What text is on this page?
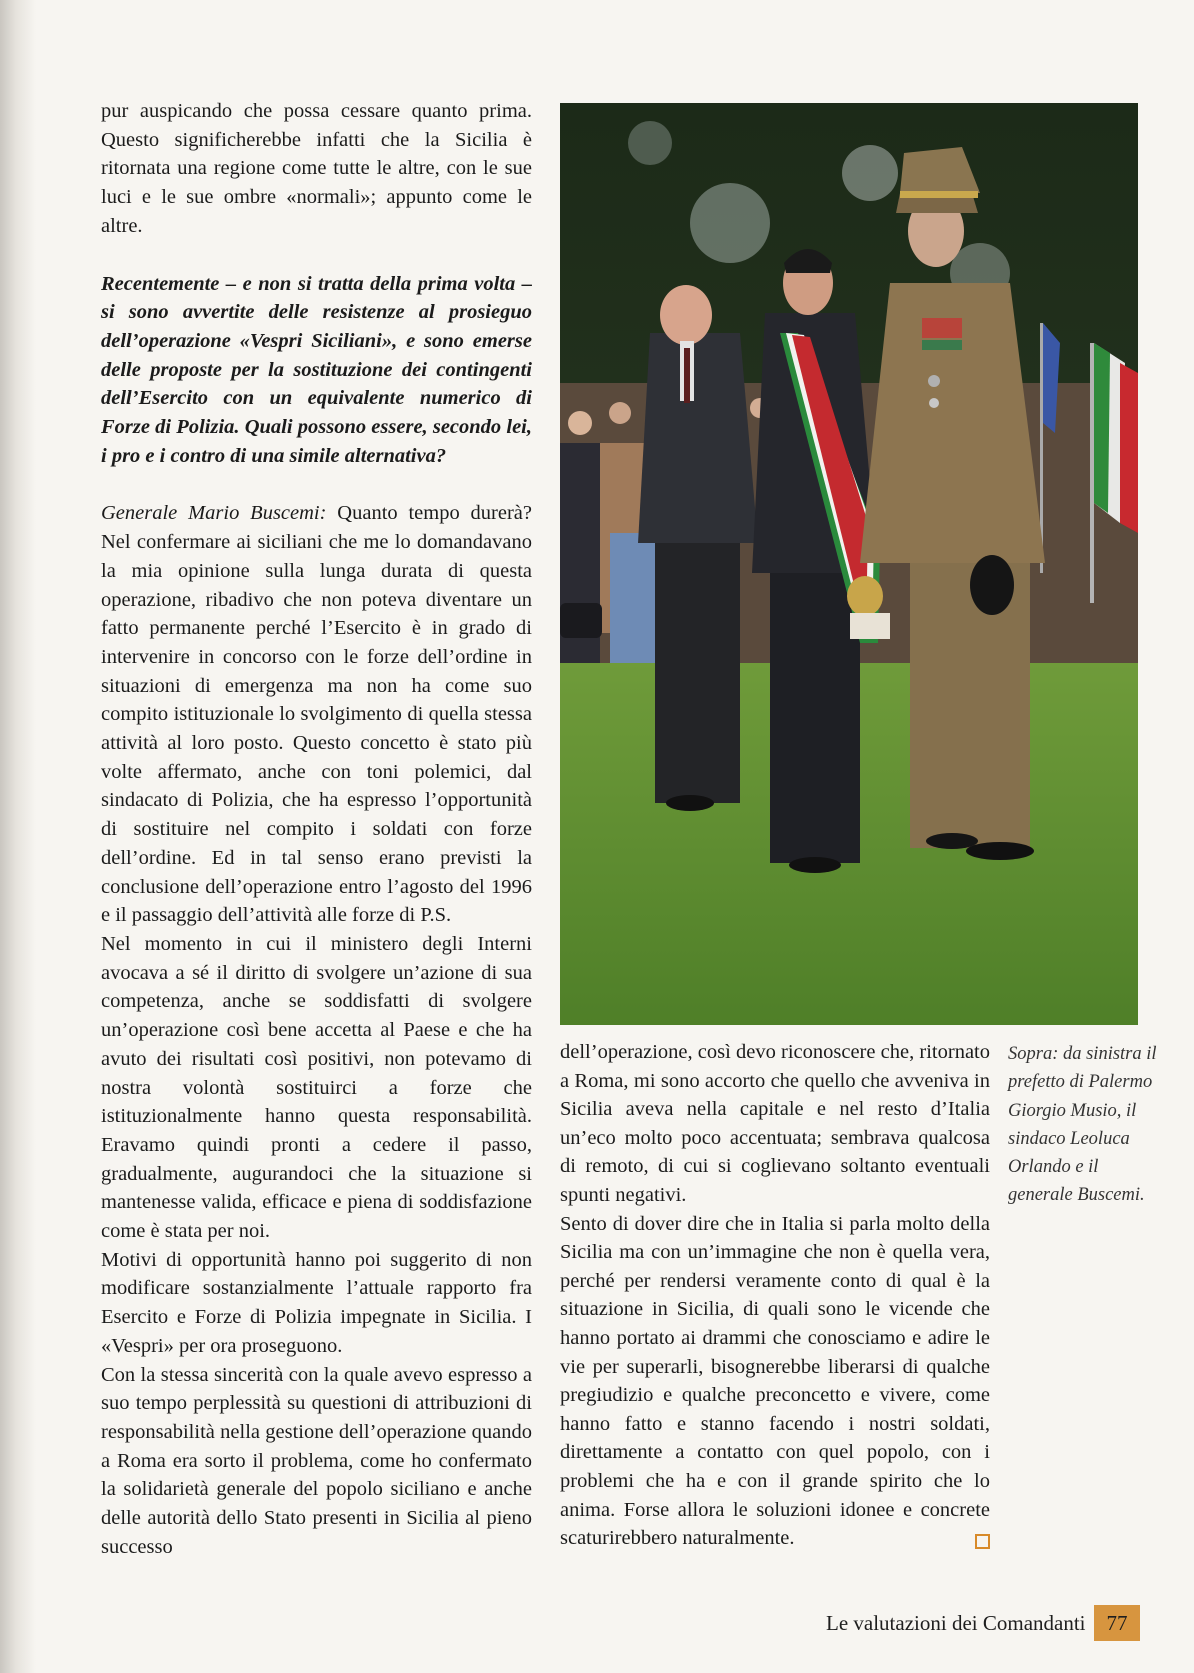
pur auspicando che possa cessare quanto prima. Questo significherebbe infatti che la Sicilia è ritornata una regione come tutte le altre, con le sue luci e le sue ombre «normali»; appunto come le altre.

Recentemente – e non si tratta della prima volta – si sono avvertite delle resistenze al prosieguo dell’operazione «Vespri Siciliani», e sono emerse delle proposte per la sostituzione dei contingenti dell’Esercito con un equivalente numerico di Forze di Polizia. Quali possono essere, secondo lei, i pro e i contro di una simile alternativa?

Generale Mario Buscemi: Quanto tempo durerà? Nel confermare ai siciliani che me lo domandavano la mia opinione sulla lunga durata di questa operazione, ribadivo che non poteva diventare un fatto permanente perché l’Esercito è in grado di intervenire in concorso con le forze dell’ordine in situazioni di emergenza ma non ha come suo compito istituzionale lo svolgimento di quella stessa attività al loro posto. Questo concetto è stato più volte affermato, anche con toni polemici, dal sindacato di Polizia, che ha espresso l’opportunità di sostituire nel compito i soldati con forze dell’ordine. Ed in tal senso erano previsti la conclusione dell’operazione entro l’agosto del 1996 e il passaggio dell’attività alle forze di P.S.

Nel momento in cui il ministero degli Interni avocava a sé il diritto di svolgere un’azione di sua competenza, anche se soddisfatti di svolgere un’operazione così bene accetta al Paese e che ha avuto dei risultati così positivi, non potevamo di nostra volontà sostituirci a forze che istituzionalmente hanno questa responsabilità. Eravamo quindi pronti a cedere il passo, gradualmente, augurandoci che la situazione si mantenesse valida, efficace e piena di soddisfazione come è stata per noi.

Motivi di opportunità hanno poi suggerito di non modificare sostanzialmente l’attuale rapporto fra Esercito e Forze di Polizia impegnate in Sicilia. I «Vespri» per ora proseguono.

Con la stessa sincerità con la quale avevo espresso a suo tempo perplessità su questioni di attribuzioni di responsabilità nella gestione dell’operazione quando a Roma era sorto il problema, come ho confermato la solidarietà generale del popolo siciliano e anche delle autorità dello Stato presenti in Sicilia al pieno successo

dell’operazione, così devo riconoscere che, ritornato a Roma, mi sono accorto che quello che avveniva in Sicilia aveva nella capitale e nel resto d’Italia un’eco molto poco accentuata; sembrava qualcosa di remoto, di cui si coglievano soltanto eventuali spunti negativi.

Sento di dover dire che in Italia si parla molto della Sicilia ma con un’immagine che non è quella vera, perché per rendersi veramente conto di qual è la situazione in Sicilia, di quali sono le vicende che hanno portato ai drammi che conosciamo e adire le vie per superarli, bisognerebbe liberarsi di qualche pregiudizio e qualche preconcetto e vivere, come hanno fatto e stanno facendo i nostri soldati, direttamente a contatto con quel popolo, con i problemi che ha e con il grande spirito che lo anima. Forse allora le soluzioni idonee e concrete scaturirebbero naturalmente.

Sopra: da sinistra il prefetto di Palermo Giorgio Musio, il sindaco Leoluca Orlando e il generale Buscemi.
Le valutazioni dei Comandanti 77
